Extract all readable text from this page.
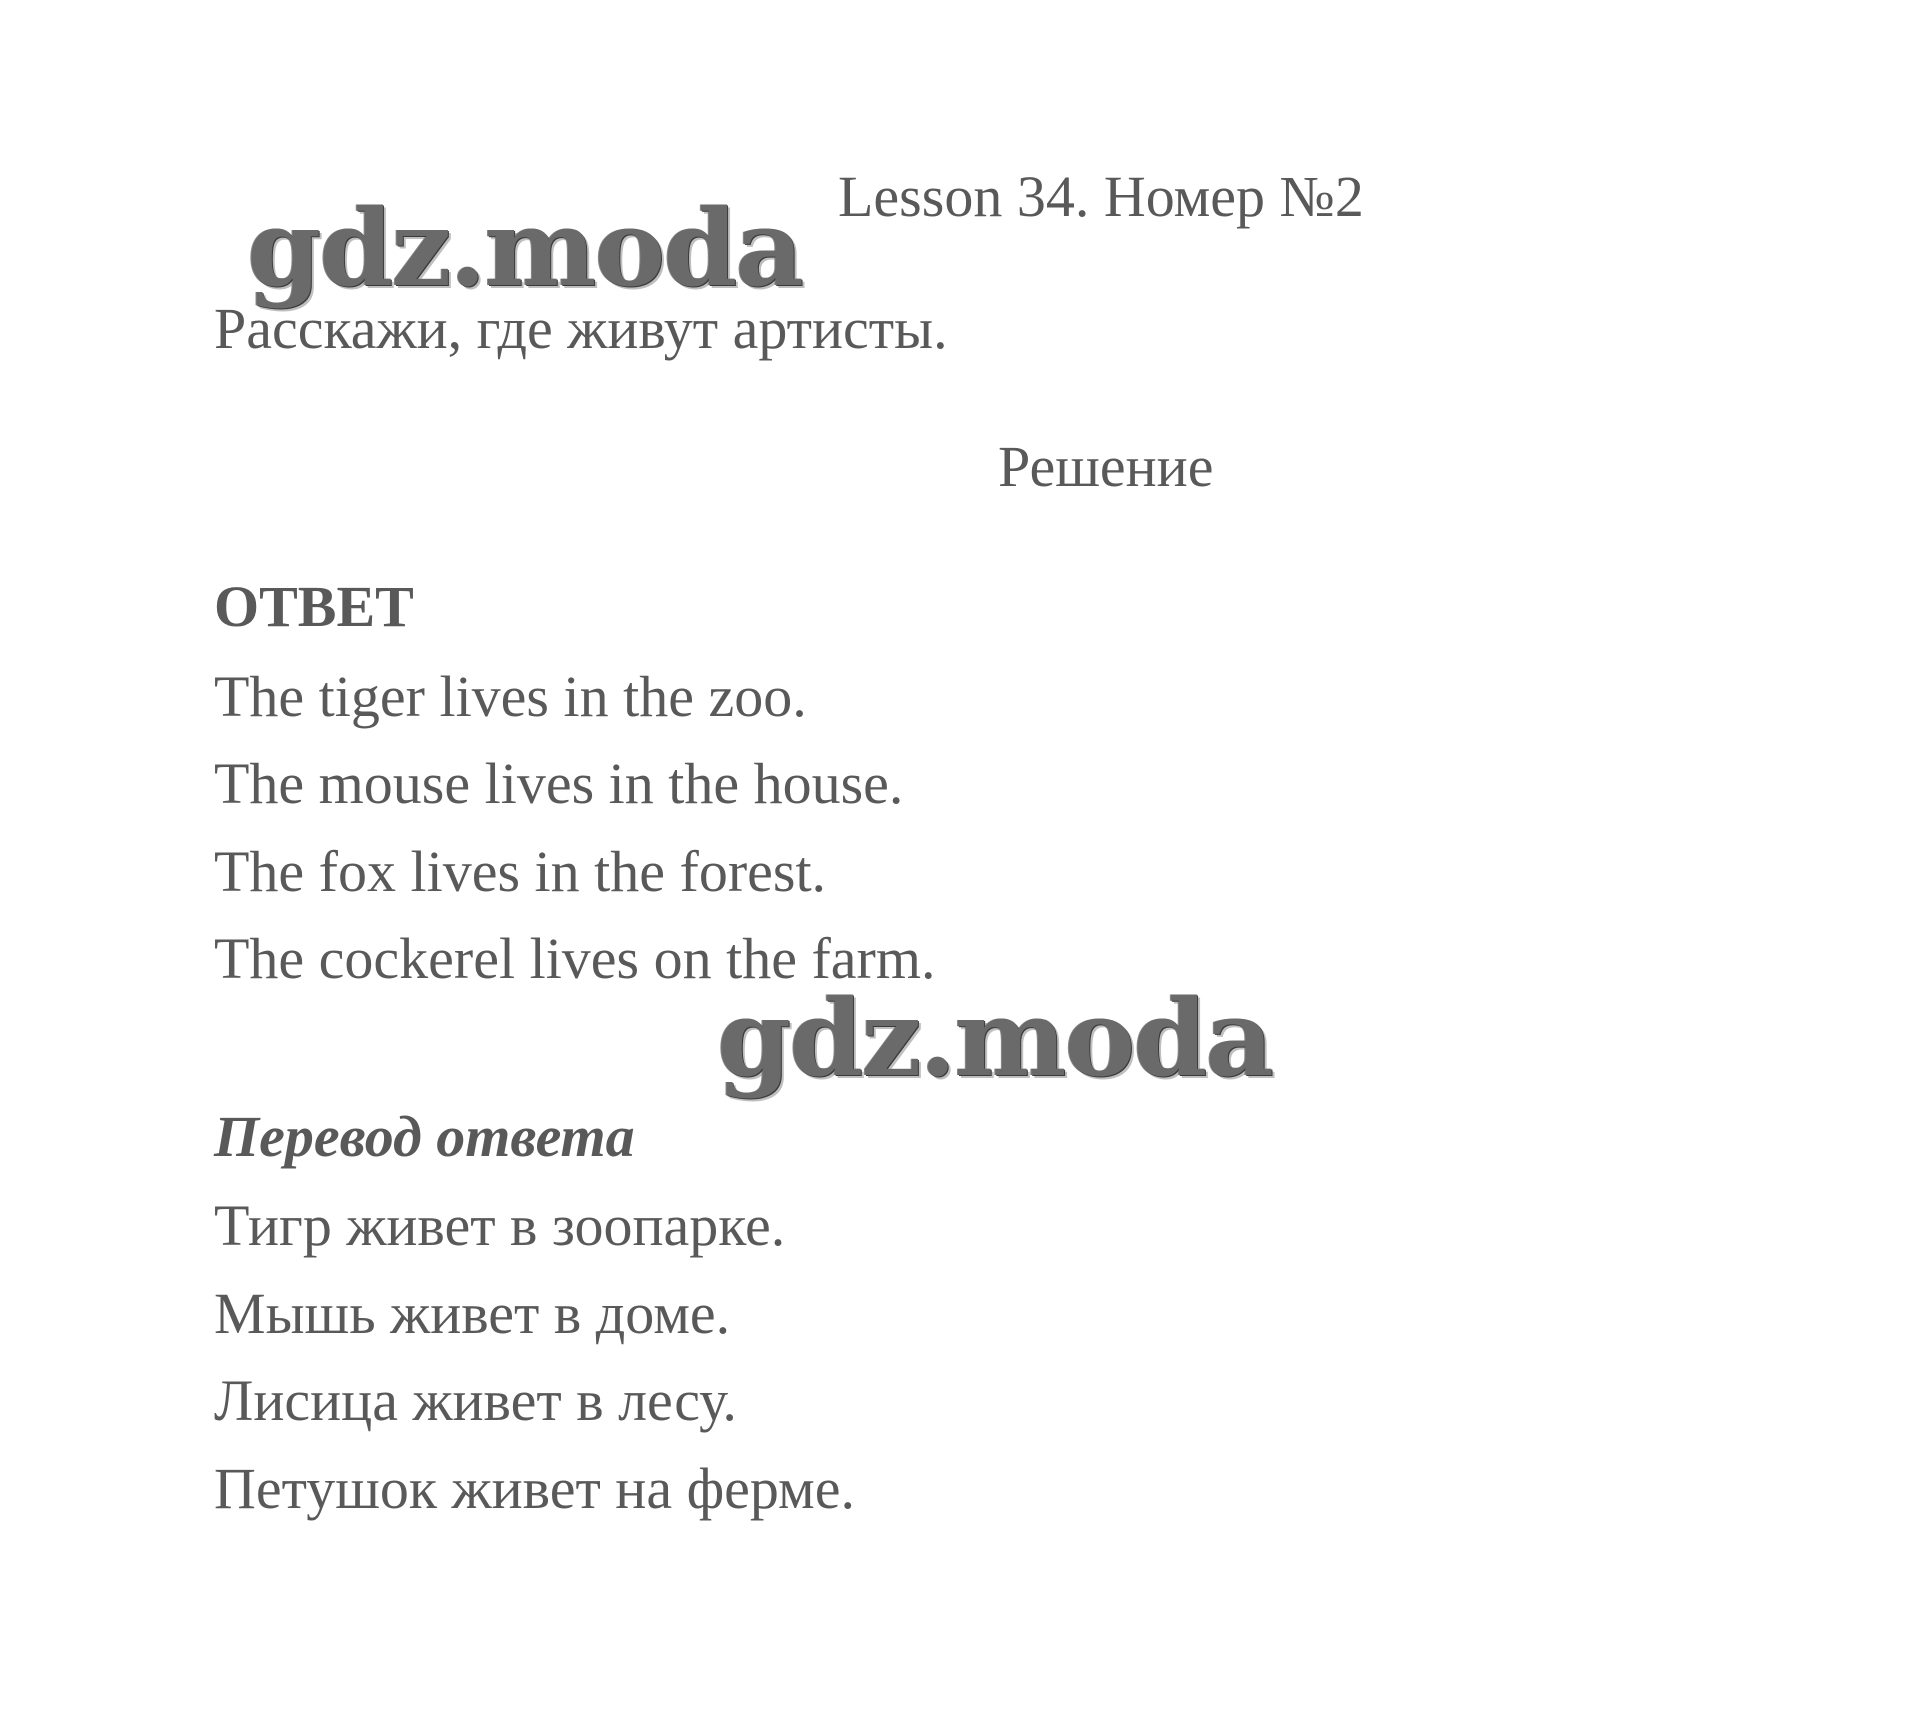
Lesson 34. Номер №2
gdz.moda
Расскажи, где живут артисты.
Решение
ОТВЕТ
The tiger lives in the zoo.
The mouse lives in the house.
The fox lives in the forest.
The cockerel lives on the farm.
gdz.moda
Перевод ответа
Тигр живет в зоопарке.
Мышь живет в доме.
Лисица живет в лесу.
Петушок живет на ферме.
